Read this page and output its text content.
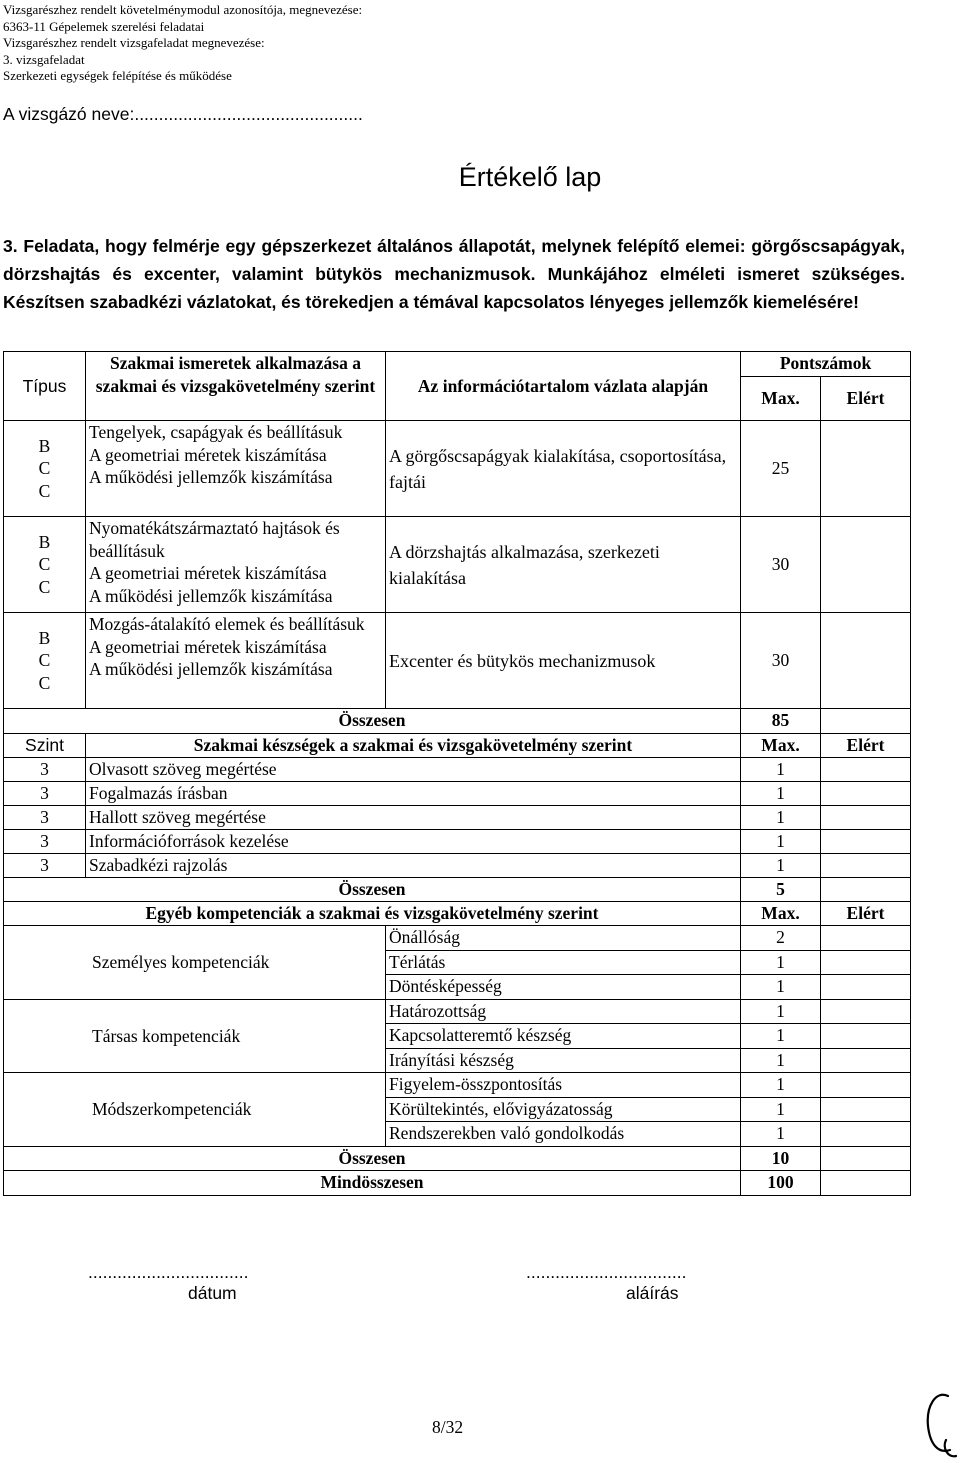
Vizsgarészhez rendelt követelménymodul azonosítója, megnevezése:
6363-11 Gépelemek szerelési feladatai
Vizsgarészhez rendelt vizsgafeladat megnevezése:
3. vizsgafeladat
Szerkezeti egységek felépítése és működése
A vizsgázó neve:...............................................
Értékelő lap
3. Feladata, hogy felmérje egy gépszerkezet általános állapotát, melynek felépítő elemei: görgőscsapágyak, dörzshajtás és excenter, valamint bütykös mechanizmusok. Munkájához elméleti ismeret szükséges. Készítsen szabadkézi vázlatokat, és törekedjen a témával kapcsolatos lényeges jellemzők kiemelésére!
Típus	Szakmai ismeretek alkalmazása a szakmai és vizsgakövetelmény szerint	Az információtartalom vázlata alapján	Pontszámok	
			Max.	Elért
B
C
C	Tengelyek, csapágyak és beállításuk
A geometriai méretek kiszámítása
A működési jellemzők kiszámítása	A görgőscsapágyak kialakítása, csoportosítása, fajtái	25	
B
C
C	Nyomatékátszármaztató hajtások és beállításuk
A geometriai méretek kiszámítása
A működési jellemzők kiszámítása	A dörzshajtás alkalmazása, szerkezeti kialakítása	30	
B
C
C	Mozgás-átalakító elemek és beállításuk
A geometriai méretek kiszámítása
A működési jellemzők kiszámítása	Excenter és bütykös mechanizmusok	30	
Összesen			85	
Szint	Szakmai készségek a szakmai és vizsgakövetelmény szerint		Max.	Elért
3	Olvasott szöveg megértése		1	
3	Fogalmazás írásban		1	
3	Hallott szöveg megértése		1	
3	Információforrások kezelése		1	
3	Szabadkézi rajzolás		1	
Összesen			5	
Egyéb kompetenciák a szakmai és vizsgakövetelmény szerint			Max.	Elért
Személyes kompetenciák		Önállóság	2	
		Térlátás	1	
		Döntésképesség	1	
Társas kompetenciák		Határozottság	1	
		Kapcsolatteremtő készség	1	
		Irányítási készség	1	
Módszerkompetenciák		Figyelem-összpontosítás	1	
		Körültekintés, elővigyázatosság	1	
		Rendszerekben való gondolkodás	1	
Összesen			10	
Mindösszesen			100	
.................................
dátum
.................................
aláírás
8/32
